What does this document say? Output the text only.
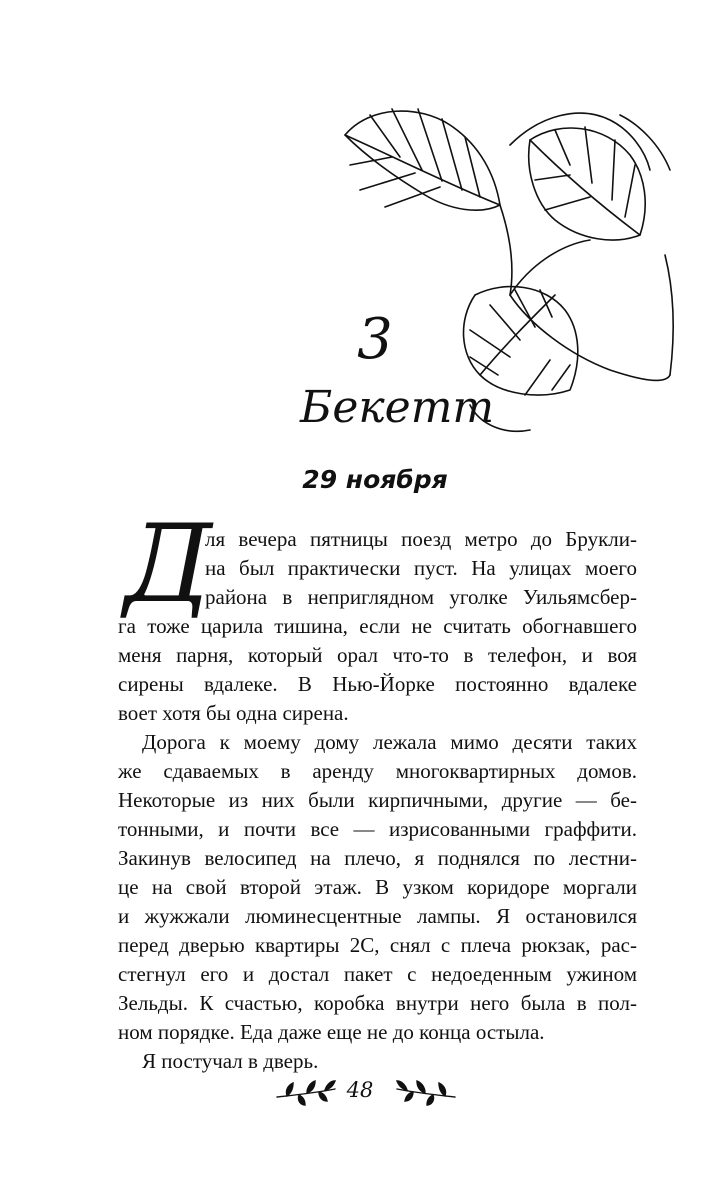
3
Бекетт
29 ноября
Д
ля вечера пятницы поезд метро до Брукли-
на был практически пуст. На улицах моего
района в неприглядном уголке Уильямсбер-
га тоже царила тишина, если не считать обогнавшего
меня парня, который орал что-то в телефон, и воя
сирены вдалеке. В Нью-Йорке постоянно вдалеке
воет хотя бы одна сирена.
Дорога к моему дому лежала мимо десяти таких
же сдаваемых в аренду многоквартирных домов.
Некоторые из них были кирпичными, другие — бе-
тонными, и почти все — изрисованными граффити.
Закинув велосипед на плечо, я поднялся по лестни-
це на свой второй этаж. В узком коридоре моргали
и жужжали люминесцентные лампы. Я остановился
перед дверью квартиры 2С, снял с плеча рюкзак, рас-
стегнул его и достал пакет с недоеденным ужином
Зельды. К счастью, коробка внутри него была в пол-
ном порядке. Еда даже еще не до конца остыла.
Я постучал в дверь.
48
